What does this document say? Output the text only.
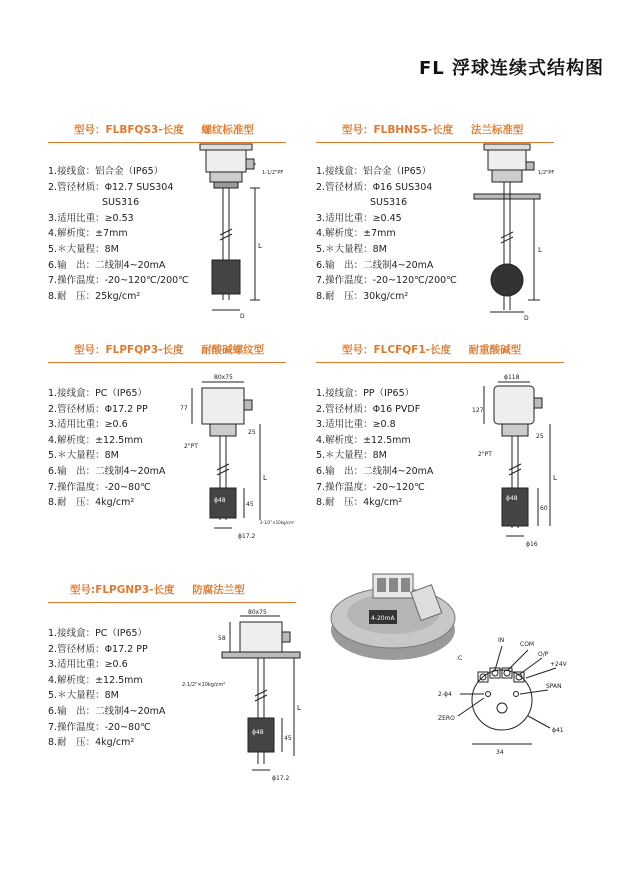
FL 浮球连续式结构图
型号：FLBFQS3-长度 螺纹标准型
1.接线盒：铝合金（IP65）
2.管径材质：Φ12.7 SUS304
SUS316
3.适用比重：≥0.53
4.解析度：±7mm
5.＊大量程：8M
6.输　出：二线制4~20mA
7.操作温度：-20~120℃/200℃
8.耐　压：25kg/cm²
1-1/2"PF
L
D
型号：FLBHNS5-长度 法兰标准型
1.接线盒：铝合金（IP65）
2.管径材质：Φ16 SUS304
SUS316
3.适用比重：≥0.45
4.解析度：±7mm
5.＊大量程：8M
6.输　出：二线制4~20mA
7.操作温度：-20~120℃/200℃
8.耐　压：30kg/cm²
1/2"PF
L
D
型号：FLPFQP3-长度 耐酸碱螺纹型
1.接线盒：PC（IP65）
2.管径材质：Φ17.2 PP
3.适用比重：≥0.6
4.解析度：±12.5mm
5.＊大量程：8M
6.输　出：二线制4~20mA
7.操作温度：-20~80℃
8.耐　压：4kg/cm²
80x75
77
25
2"PT
L
ϕ48
45
2-1/2"×10kg/cm²
ϕ17.2
型号：FLCFQF1-长度 耐重酸碱型
1.接线盒：PP（IP65）
2.管径材质：Φ16 PVDF
3.适用比重：≥0.8
4.解析度：±12.5mm
5.＊大量程：8M
6.输　出：二线制4~20mA
7.操作温度：-20~120℃
8.耐　压：4kg/cm²
ϕ118
127
25
2"PT
L
ϕ48
60
ϕ16
型号:FLPGNP3-长度 防腐法兰型
1.接线盒：PC（IP65）
2.管径材质：Φ17.2 PP
3.适用比重：≥0.6
4.解析度：±12.5mm
5.＊大量程：8M
6.输　出：二线制4~20mA
7.操作温度：-20~80℃
8.耐　压：4kg/cm²
80x75
58
2-1/2"×10kg/cm²
L
ϕ48
45
ϕ17.2
4-20mA
IN
COM
O/P
+24V
SPAN
ZERO
ϕ41
34
2-ϕ4
:C
